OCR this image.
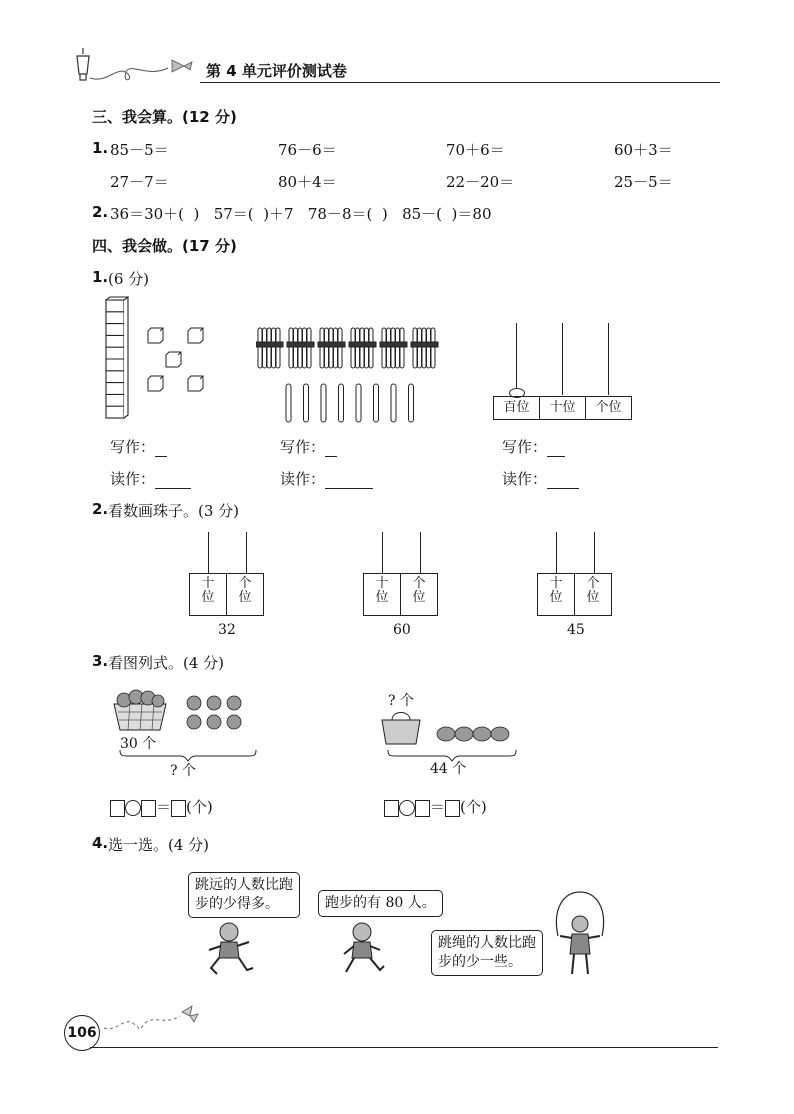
第 4 单元评价测试卷
三、我会算。(12 分)
1. 85－5＝	76－6＝	70＋6＝	60＋3＝
27－7＝	80＋4＝	22－20＝	25－5＝
2. 36＝30＋(  )   57＝(  )＋7   78－8＝(  )   85－(  )＝80
四、我会做。(17 分)
1. (6 分)
百位	十位	个位
写作：	写作：	写作：
读作：	读作：	读作：
2. 看数画珠子。(3 分)
十
位
个
位
32
十
位
个
位
60
十
位
个
位
45
3. 看图列式。(4 分)
30 个
? 个
? 个
44 个
＝ (个)	＝ (个)
4. 选一选。(4 分)
跳远的人数比跑
步的少得多。	跑步的有 80 人。
跳绳的人数比跑
步的少一些。
106
